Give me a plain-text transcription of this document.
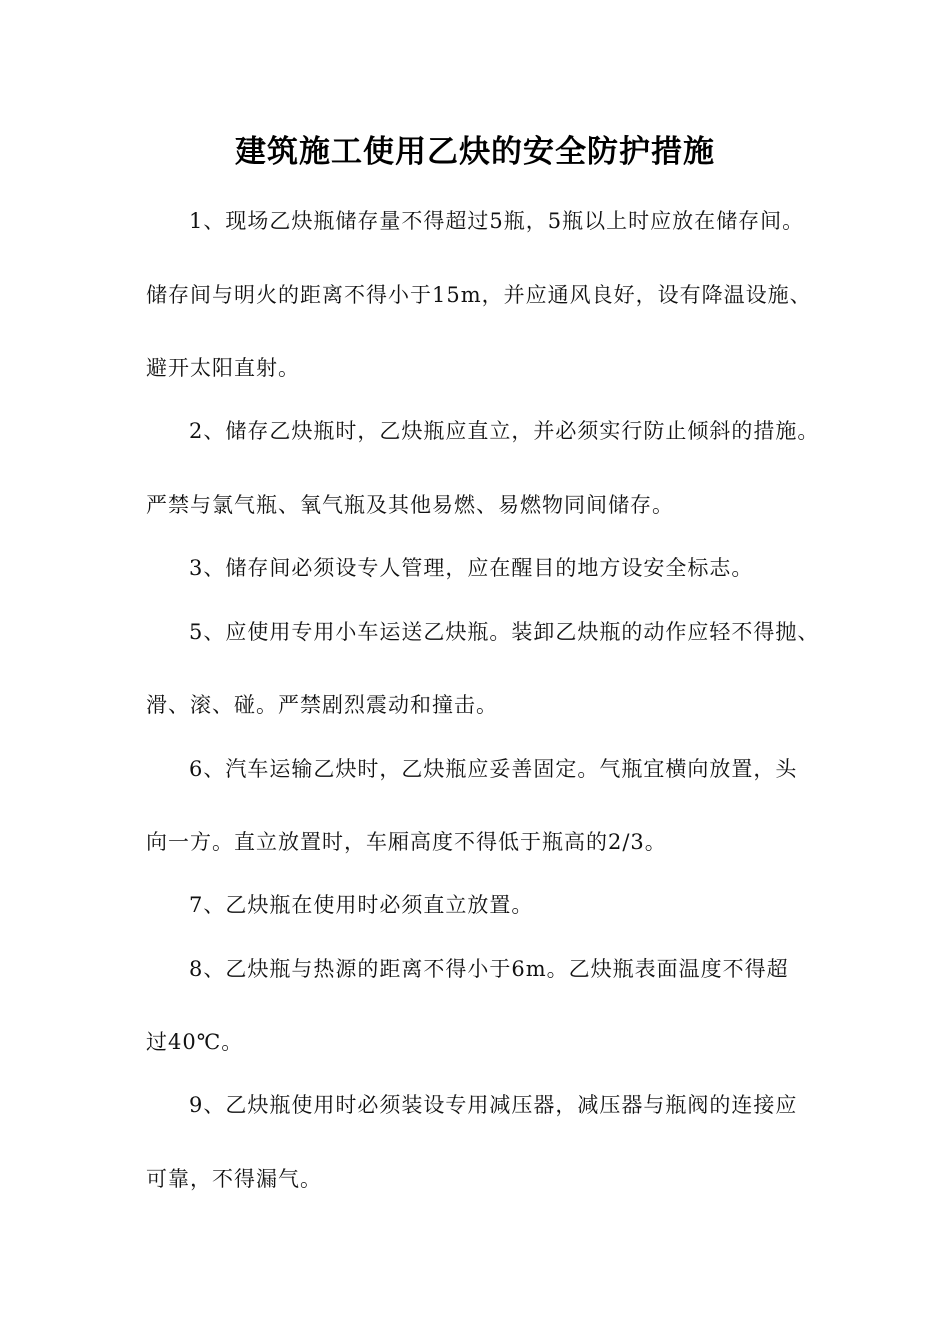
建筑施工使用乙炔的安全防护措施
1、现场乙炔瓶储存量不得超过5瓶，5瓶以上时应放在储存间。
储存间与明火的距离不得小于15m，并应通风良好，设有降温设施、
避开太阳直射。
2、储存乙炔瓶时，乙炔瓶应直立，并必须实行防止倾斜的措施。
严禁与氯气瓶、氧气瓶及其他易燃、易燃物同间储存。
3、储存间必须设专人管理，应在醒目的地方设安全标志。
5、应使用专用小车运送乙炔瓶。装卸乙炔瓶的动作应轻不得抛、
滑、滚、碰。严禁剧烈震动和撞击。
6、汽车运输乙炔时，乙炔瓶应妥善固定。气瓶宜横向放置，头
向一方。直立放置时，车厢高度不得低于瓶高的2/3。
7、乙炔瓶在使用时必须直立放置。
8、乙炔瓶与热源的距离不得小于6m。乙炔瓶表面温度不得超
过40℃。
9、乙炔瓶使用时必须装设专用减压器，减压器与瓶阀的连接应
可靠，不得漏气。
